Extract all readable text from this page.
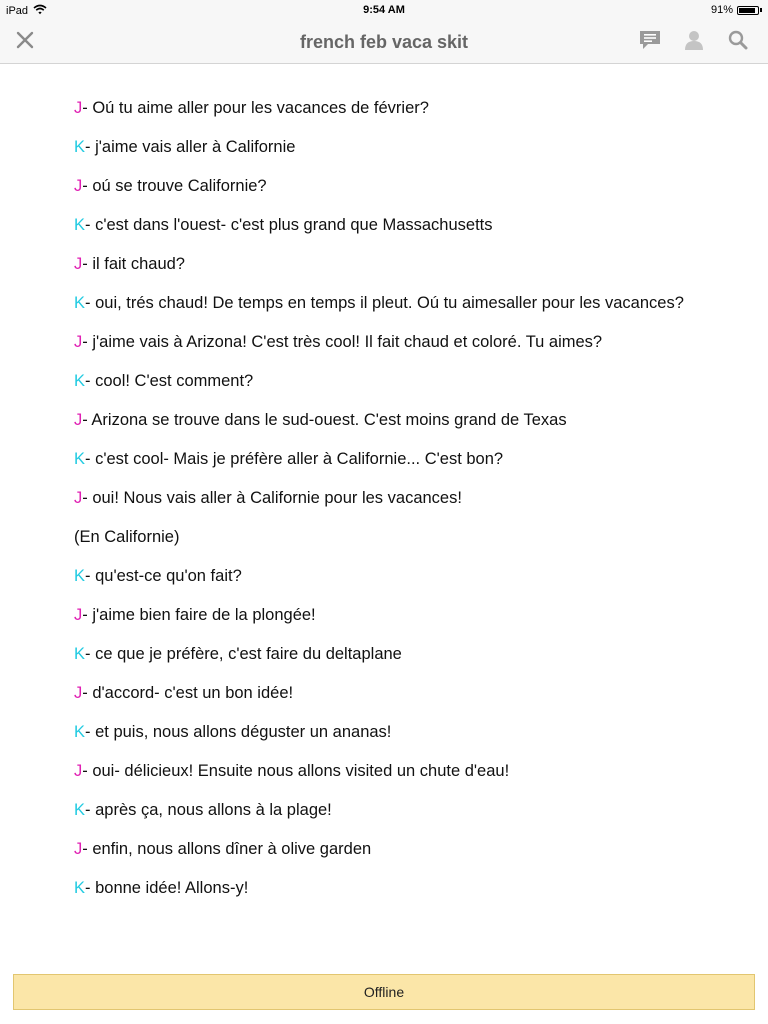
iPad	9:54 AM	91%
french feb vaca skit
J- Oú tu aime aller pour les vacances de février?
K- j'aime vais aller à Californie
J- oú se trouve Californie?
K- c'est dans l'ouest- c'est plus grand que Massachusetts
J- il fait chaud?
K- oui, trés chaud! De temps en temps il pleut. Oú tu aimesaller pour les vacances?
J- j'aime vais à Arizona! C'est très cool! Il fait chaud et coloré. Tu aimes?
K- cool! C'est comment?
J- Arizona se trouve dans le sud-ouest. C'est moins grand de Texas
K- c'est cool- Mais je préfère aller à Californie... C'est bon?
J- oui! Nous vais aller à Californie pour les vacances!
(En Californie)
K- qu'est-ce qu'on fait?
J- j'aime bien faire de la plongée!
K- ce que je préfère, c'est faire du deltaplane
J- d'accord- c'est un bon idée!
K- et puis, nous allons déguster un ananas!
J- oui- délicieux! Ensuite nous allons visited un chute d'eau!
K- après ça, nous allons à la plage!
J- enfin, nous allons dîner à olive garden
K- bonne idée! Allons-y!
Offline
